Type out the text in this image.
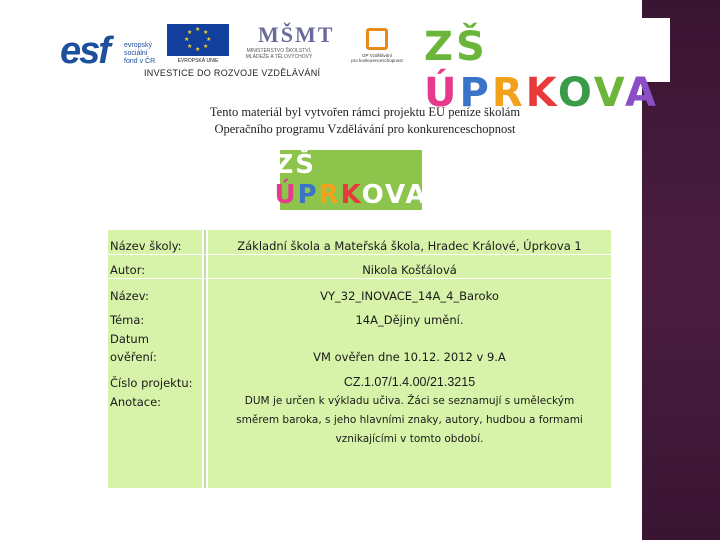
esf evropský
sociální
fond v ČR
★ ★
★
★
★
★
★
★
EVROPSKÁ UNIE
MŠMT
MINISTERSTVO ŠKOLSTVÍ,
MLÁDEŽE A TĚLOVÝCHOVY	OP Vzdělávání
pro konkurenceschopnost
INVESTICE DO ROZVOJE VZDĚLÁVÁNÍ
ZŠ ÚPRKOVA
Tento materiál byl vytvořen rámci projektu EU peníze školám
Operačního programu Vzdělávání pro konkurenceschopnost
ZŠ ÚPRKOVA
Název školy:	Základní škola a Mateřská škola, Hradec Králové, Úprkova 1
Autor:	Nikola Košťálová
Název:	VY_32_INOVACE_14A_4_Baroko
Téma:	14A_Dějiny umění.
Datum
ověření:	VM ověřen dne 10.12. 2012 v 9.A
Číslo projektu:	CZ.1.07/1.4.00/21.3215
Anotace:	DUM je určen k výkladu učiva. Žáci se seznamují s uměleckým
směrem baroka, s jeho hlavními znaky, autory, hudbou a formami
vznikajícími v tomto období.
